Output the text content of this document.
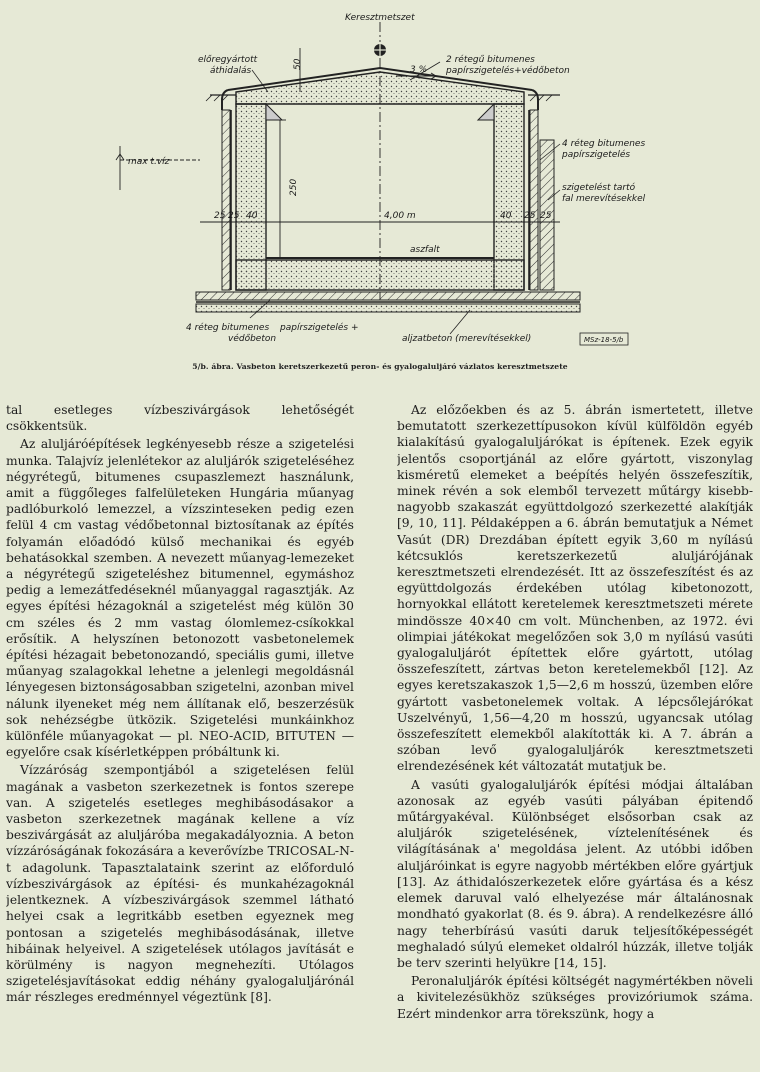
Keresztmetszet
előregyártott
áthidalás
50	2 rétegű bitumenes
papírszigetelés+védőbeton
3 %
max t.víz
4 réteg bitumenes
papírszigetelés
szigetelést tartó
fal merevítésekkel
250
4,00 m
25 25 40	40 25 25
aszfalt
4 réteg bitumenes papírszigetelés +
védőbeton	aljzatbeton (merevítésekkel)	MSz-18-5/b
5/b. ábra. Vasbeton keretszerkezetű peron- és gyalogaluljáró vázlatos keresztmetszete

tal esetleges vízbeszivárgások lehetőségét csökkentsük.

Az aluljáróépítések legkényesebb része a szigetelési munka. Talajvíz jelenlétekor az aluljárók szigeteléséhez négyrétegű, bitumenes csupaszlemezt használunk, amit a függőleges falfelületeken Hungária műanyag padlóburkoló lemezzel, a vízszinteseken pedig ezen felül 4 cm vastag védőbetonnal biztosítanak az építés folyamán előadódó külső mechanikai és egyéb behatásokkal szemben. A nevezett műanyag-lemezeket a négyrétegű szigeteléshez bitumennel, egymáshoz pedig a lemezátfedéseknél műanyaggal ragasztják. Az egyes építési hézagoknál a szigetelést még külön 30 cm széles és 2 mm vastag ólomlemez-csíkokkal erősítik. A helyszínen betonozott vasbetonelemek építési hézagait bebetonozandó, speciális gumi, illetve műanyag szalagokkal lehetne a jelenlegi megoldásnál lényegesen biztonságosabban szigetelni, azonban mivel nálunk ilyeneket még nem állítanak elő, beszerzésük sok nehézségbe ütközik. Szigetelési munkáinkhoz különféle műanyagokat — pl. NEO-ACID, BITUTEN — egyelőre csak kísérletképpen próbáltunk ki.

Vízzáróság szempontjából a szigetelésen felül magának a vasbeton szerkezetnek is fontos szerepe van. A szigetelés esetleges meghibásodásakor a vasbeton szerkezetnek magának kellene a víz beszivárgását az aluljáróba megakadályoznia. A beton vízzáróságának fokozására a keverővízbe TRICOSAL-N-t adagolunk. Tapasztalataink szerint az előforduló vízbeszivárgások az építési- és munkahézagoknál jelentkeznek. A vízbeszivárgások szemmel látható helyei csak a legritkább esetben egyeznek meg pontosan a szigetelés meghibásodásának, illetve hibáinak helyeivel. A szigetelések utólagos javítását e körülmény is nagyon megnehezíti. Utólagos szigetelésjavításokat eddig néhány gyalogaluljárónál már részleges eredménnyel végeztünk [8].

Az előzőekben és az 5. ábrán ismertetett, illetve bemutatott szerkezettípusokon kívül külföldön egyéb kialakítású gyalogaluljárókat is építenek. Ezek egyik jelentős csoportjánál az előre gyártott, viszonylag kisméretű elemeket a beépítés helyén összefeszítik, minek révén a sok elemből tervezett műtárgy kisebb-nagyobb szakaszát együttdolgozó szerkezetté alakítják [9, 10, 11]. Példaképpen a 6. ábrán bemutatjuk a Német Vasút (DR) Drezdában épített egyik 3,60 m nyílású kétcsuklós keretszerkezetű aluljárójának keresztmetszeti elrendezését. Itt az összefeszítést és az együttdolgozás érdekében utólag kibetonozott, hornyokkal ellátott keretelemek keresztmetszeti mérete mindössze 40×40 cm volt. Münchenben, az 1972. évi olimpiai játékokat megelőzően sok 3,0 m nyílású vasúti gyalogaluljárót építettek előre gyártott, utólag összefeszített, zártvas beton keretelemekből [12]. Az egyes keretszakaszok 1,5—2,6 m hosszú, üzemben előre gyártott vasbetonelemek voltak. A lépcsőlejárókat Uszelvényű, 1,56—4,20 m hosszú, ugyancsak utólag összefeszített elemekből alakították ki. A 7. ábrán a szóban levő gyalogaluljárók keresztmetszeti elrendezésének két változatát mutatjuk be.

A vasúti gyalogaluljárók építési módjai általában azonosak az egyéb vasúti pályában épitendő műtárgyakéval. Különbséget elsősorban csak az aluljárók szigetelésének, víztelenítésének és világításának a' megoldása jelent. Az utóbbi időben aluljáróinkat is egyre nagyobb mértékben előre gyártjuk [13]. Az áthidalószerkezetek előre gyártása és a kész elemek daruval való elhelyezése már általánosnak mondható gyakorlat (8. és 9. ábra). A rendelkezésre álló nagy teherbírású vasúti daruk teljesítőképességét meghaladó súlyú elemeket oldalról húzzák, illetve tolják be terv szerinti helyükre [14, 15].

Peronaluljárók építési költségét nagymértékben növeli a kivitelezésükhöz szükséges provizóriumok száma. Ezért mindenkor arra törekszünk, hogy a
